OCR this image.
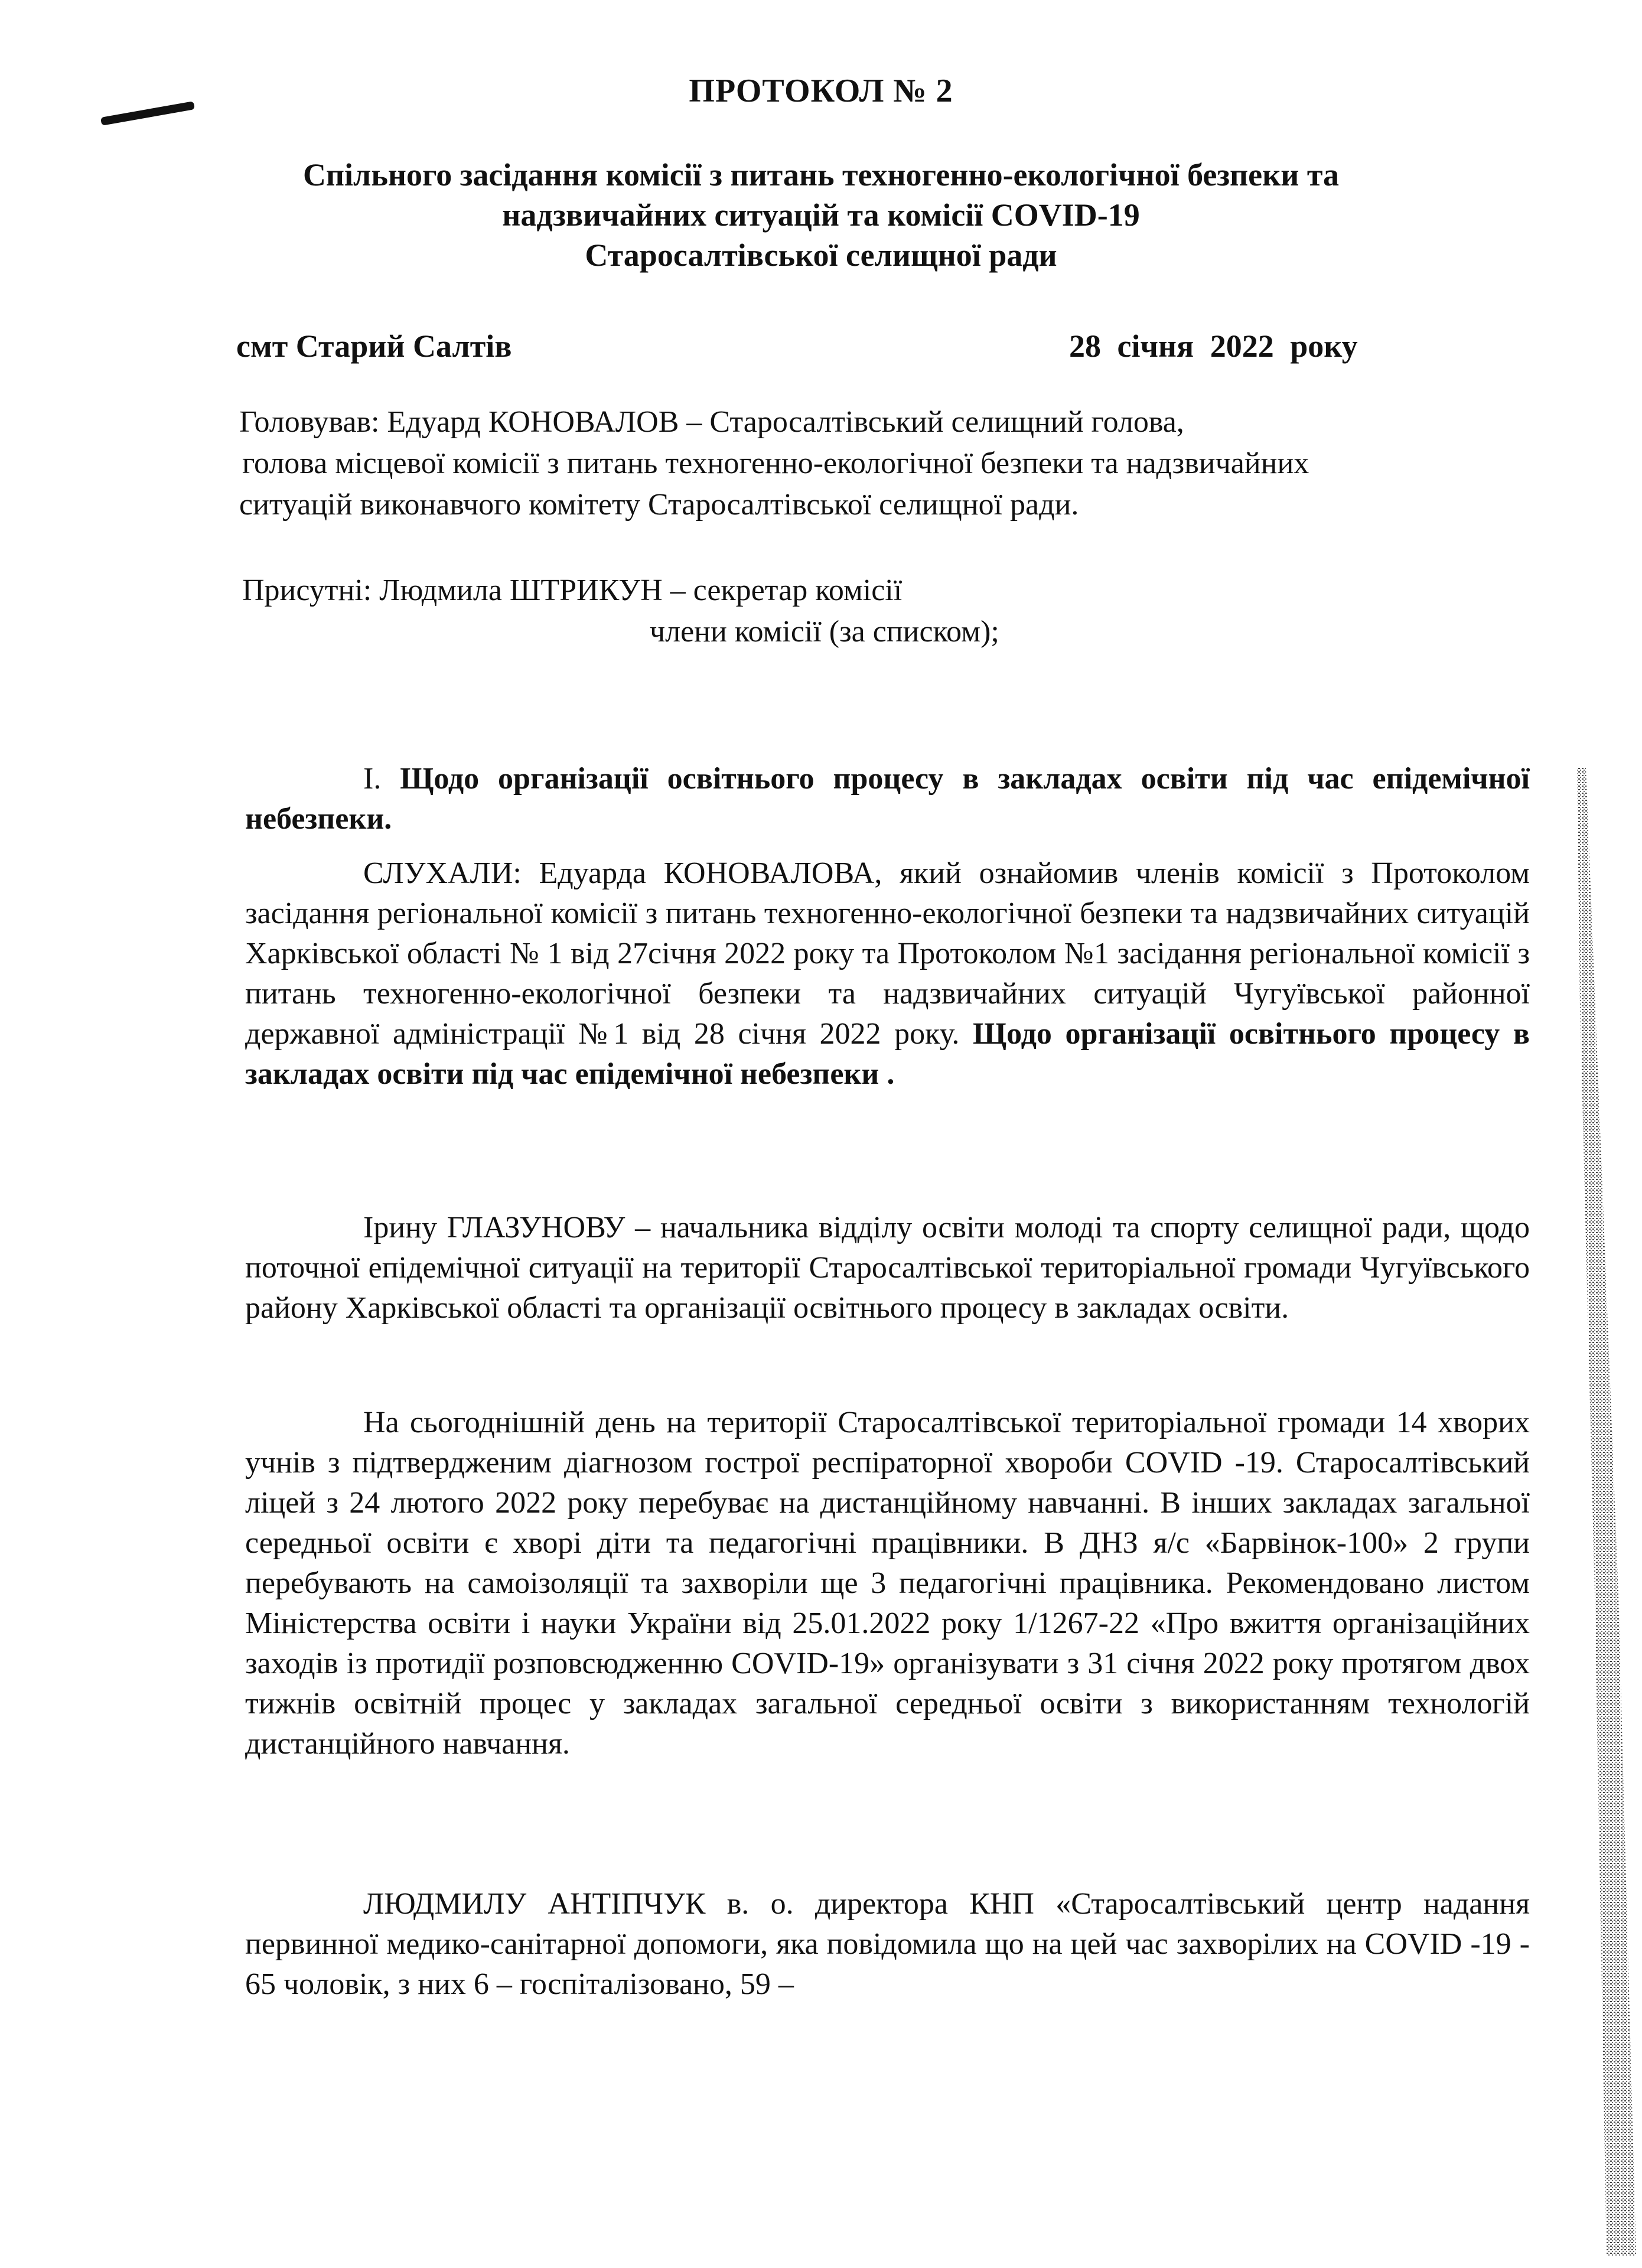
ПРОТОКОЛ № 2
Спільного засідання комісії з питань техногенно-екологічної безпеки та
надзвичайних ситуацій та комісії COVID-19
Старосалтівської селищної ради
смт Старий Салтів	28 січня 2022 року
Головував: Едуард КОНОВАЛОВ – Старосалтівський селищний голова,
голова місцевої комісії з питань техногенно-екологічної безпеки та надзвичайних
ситуацій виконавчого комітету Старосалтівської селищної ради.
Присутні: Людмила ШТРИКУН – секретар комісії
члени комісії (за списком);
І. Щодо організації освітнього процесу в закладах освіти під час епідемічної небезпеки.
СЛУХАЛИ: Едуарда КОНОВАЛОВА, який ознайомив членів комісії з Протоколом засідання регіональної комісії з питань техногенно-екологічної безпеки та надзвичайних ситуацій Харківської області № 1 від 27січня 2022 року та Протоколом №1 засідання регіональної комісії з питань техногенно-екологічної безпеки та надзвичайних ситуацій Чугуївської районної державної адміністрації №1 від 28 січня 2022 року. Щодо організації освітнього процесу в закладах освіти під час епідемічної небезпеки .
Ірину ГЛАЗУНОВУ – начальника відділу освіти молоді та спорту селищної ради, щодо поточної епідемічної ситуації на території Старосалтівської територіальної громади Чугуївського району Харківської області та організації освітнього процесу в закладах освіти.
На сьогоднішній день на території Старосалтівської територіальної громади 14 хворих учнів з підтвердженим діагнозом гострої респіраторної хвороби COVID -19. Старосалтівський ліцей з 24 лютого 2022 року перебуває на дистанційному навчанні. В інших закладах загальної середньої освіти є хворі діти та педагогічні працівники. В ДНЗ я/с «Барвінок-100» 2 групи перебувають на самоізоляції та захворіли ще 3 педагогічні працівника. Рекомендовано листом Міністерства освіти і науки України від 25.01.2022 року 1/1267-22 «Про вжиття організаційних заходів із протидії розповсюдженню COVID-19» організувати з 31 січня 2022 року протягом двох тижнів освітній процес у закладах загальної середньої освіти з використанням технологій дистанційного навчання.
ЛЮДМИЛУ АНТІПЧУК в. о. директора КНП «Старосалтівський центр надання первинної медико-санітарної допомоги, яка повідомила що на цей час захворілих на COVID -19 - 65 чоловік, з них 6 – госпіталізовано, 59 –
